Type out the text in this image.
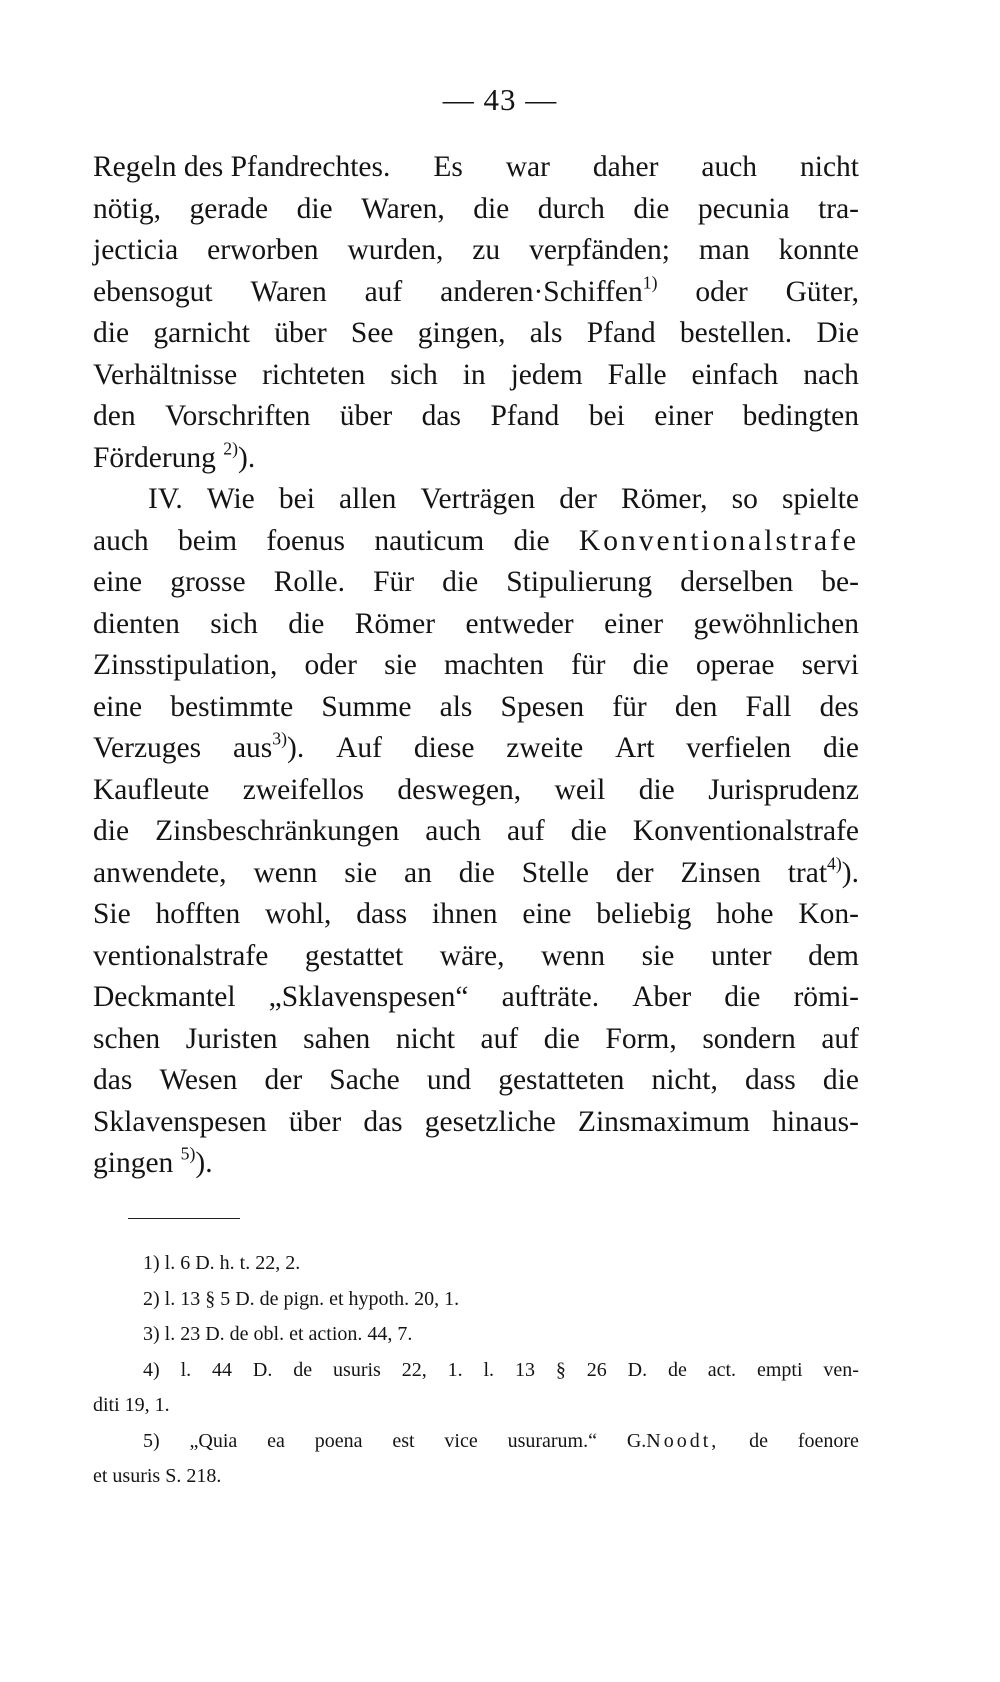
— 43 —
Regeln des Pfandrechtes. Es war daher auch nicht
nötig, gerade die Waren, die durch die pecunia tra-
jecticia erworben wurden, zu verpfänden; man konnte
ebensogut Waren auf anderen·Schiffen$^{1)}$ oder Güter,
die garnicht über See gingen, als Pfand bestellen. Die
Verhältnisse richteten sich in jedem Falle einfach nach
den Vorschriften über das Pfand bei einer bedingten
Förderung $^{2)}$).
IV. Wie bei allen Verträgen der Römer, so spielte
auch beim foenus nauticum die Konventionalstrafe
eine grosse Rolle. Für die Stipulierung derselben be-
dienten sich die Römer entweder einer gewöhnlichen
Zinsstipulation, oder sie machten für die operae servi
eine bestimmte Summe als Spesen für den Fall des
Verzuges aus$^{3)}$). Auf diese zweite Art verfielen die
Kaufleute zweifellos deswegen, weil die Jurisprudenz
die Zinsbeschränkungen auch auf die Konventionalstrafe
anwendete, wenn sie an die Stelle der Zinsen trat$^{4)}$).
Sie hofften wohl, dass ihnen eine beliebig hohe Kon-
ventionalstrafe gestattet wäre, wenn sie unter dem
Deckmantel „Sklavenspesen“ aufträte. Aber die römi-
schen Juristen sahen nicht auf die Form, sondern auf
das Wesen der Sache und gestatteten nicht, dass die
Sklavenspesen über das gesetzliche Zinsmaximum hinaus-
gingen $^{5)}$).
1) l. 6 D. h. t. 22, 2.
2) l. 13 § 5 D. de pign. et hypoth. 20, 1.
3) l. 23 D. de obl. et action. 44, 7.
4) l. 44 D. de usuris 22, 1. l. 13 § 26 D. de act. empti ven-
diti 19, 1.
5) „Quia ea poena est vice usurarum.“ G.Noodt, de foenore
et usuris S. 218.
